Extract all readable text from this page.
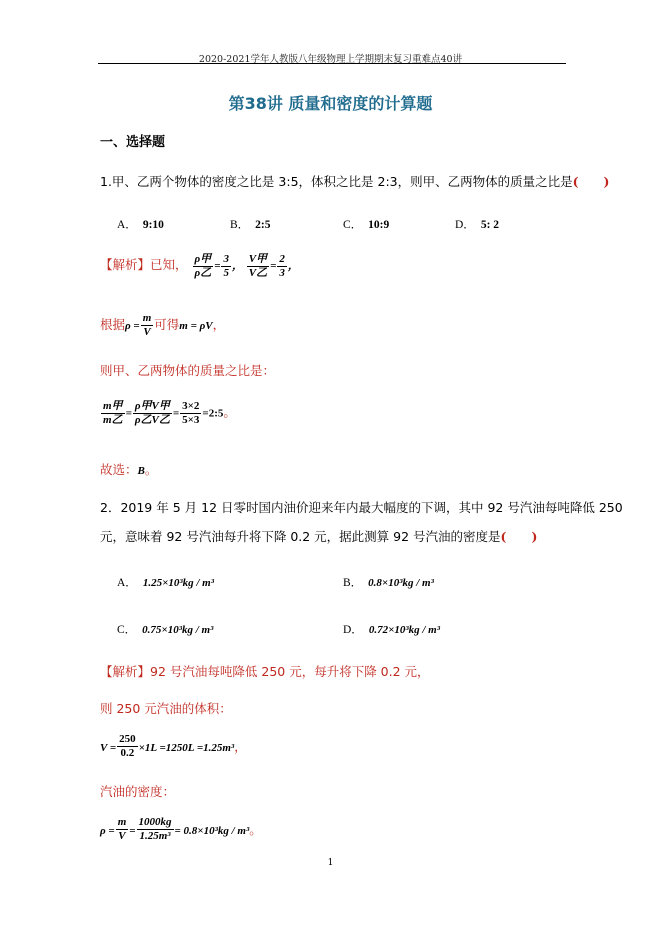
2020-2021学年人教版八年级物理上学期期末复习重难点40讲
第38讲 质量和密度的计算题
一、选择题
1.甲、乙两个物体的密度之比是 3:5，体积之比是 2:3，则甲、乙两物体的质量之比是(　　)
A． 9:10	B． 2:5	C． 10:9	D． 5: 2
【解析】已知， $\frac{\text{ρ甲}}{\text{ρ乙}} = \frac{3}{5}$ ， $\frac{\text{V甲}}{\text{V乙}} = \frac{2}{3}$ ，
根据$\rho = \frac{m}{V}$ 可得m = ρV，
则甲、乙两物体的质量之比是：
$\frac{\text{m甲}}{\text{m乙}} = \frac{\text{ρ甲V甲}}{\text{ρ乙V乙}} = \frac{3\times 2}{5\times 3}$ =2:5。
故选：B。
2．2019 年 5 月 12 日零时国内油价迎来年内最大幅度的下调，其中 92 号汽油每吨降低 250
元，意味着 92 号汽油每升将下降 0.2 元，据此测算 92 号汽油的密度是(　　)
A． 1.25×10³kg / m³	B． 0.8×10³kg / m³
C． 0.75×10³kg / m³	D． 0.72×10³kg / m³
【解析】92 号汽油每吨降低 250 元，每升将下降 0.2 元，
则 250 元汽油的体积：
$V = \frac{250}{0.2} \times 1L =1250L =1.25m^3$，
汽油的密度：
$\rho = \frac{m}{V} = \frac{1000kg}{\text{1.25m³}} = 0.8\times 10^3kg / m^3$。
1
